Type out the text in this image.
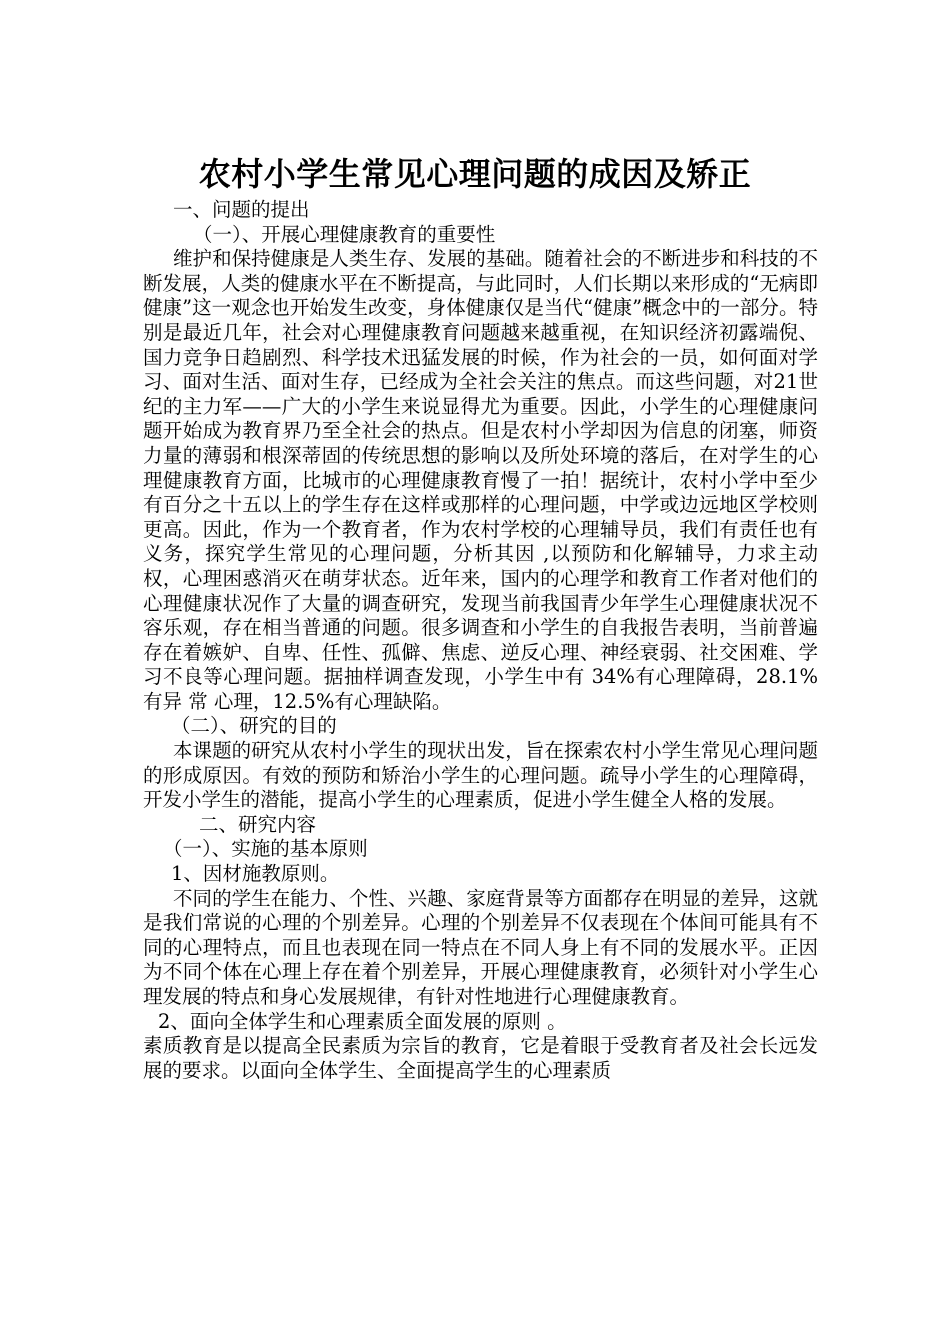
农村小学生常见心理问题的成因及矫正

一、问题的提出

（一）、开展心理健康教育的重要性

维护和保持健康是人类生存、发展的基础。随着社会的不断进步和科技的不断发展，人类的健康水平在不断提高，与此同时，人们长期以来形成的“无病即健康”这一观念也开始发生改变，身体健康仅是当代“健康”概念中的一部分。特别是最近几年，社会对心理健康教育问题越来越重视，在知识经济初露端倪、国力竞争日趋剧烈、科学技术迅猛发展的时候，作为社会的一员，如何面对学习、面对生活、面对生存，已经成为全社会关注的焦点。而这些问题，对21世纪的主力军——广大的小学生来说显得尤为重要。因此，小学生的心理健康问题开始成为教育界乃至全社会的热点。但是农村小学却因为信息的闭塞，师资力量的薄弱和根深蒂固的传统思想的影响以及所处环境的落后，在对学生的心理健康教育方面，比城市的心理健康教育慢了一拍！据统计，农村小学中至少有百分之十五以上的学生存在这样或那样的心理问题，中学或边远地区学校则更高。因此，作为一个教育者，作为农村学校的心理辅导员，我们有责任也有义务，探究学生常见的心理问题，分析其因 ,以预防和化解辅导，力求主动权，心理困惑消灭在萌芽状态。近年来，国内的心理学和教育工作者对他们的心理健康状况作了大量的调查研究，发现当前我国青少年学生心理健康状况不容乐观，存在相当普通的问题。很多调查和小学生的自我报告表明，当前普遍存在着嫉妒、自卑、任性、孤僻、焦虑、逆反心理、神经衰弱、社交困难、学习不良等心理问题。据抽样调查发现，小学生中有 34%有心理障碍，28.1%有异 常 心理，12.5%有心理缺陷。

（二）、研究的目的

本课题的研究从农村小学生的现状出发，旨在探索农村小学生常见心理问题的形成原因。有效的预防和矫治小学生的心理问题。疏导小学生的心理障碍，开发小学生的潜能，提高小学生的心理素质，促进小学生健全人格的发展。

二、研究内容

（一）、实施的基本原则

1、因材施教原则。

不同的学生在能力、个性、兴趣、家庭背景等方面都存在明显的差异，这就是我们常说的心理的个别差异。心理的个别差异不仅表现在个体间可能具有不同的心理特点，而且也表现在同一特点在不同人身上有不同的发展水平。正因为不同个体在心理上存在着个别差异，开展心理健康教育，必须针对小学生心理发展的特点和身心发展规律，有针对性地进行心理健康教育。

2、面向全体学生和心理素质全面发展的原则 。

素质教育是以提高全民素质为宗旨的教育，它是着眼于受教育者及社会长远发展的要求。以面向全体学生、全面提高学生的心理素质
